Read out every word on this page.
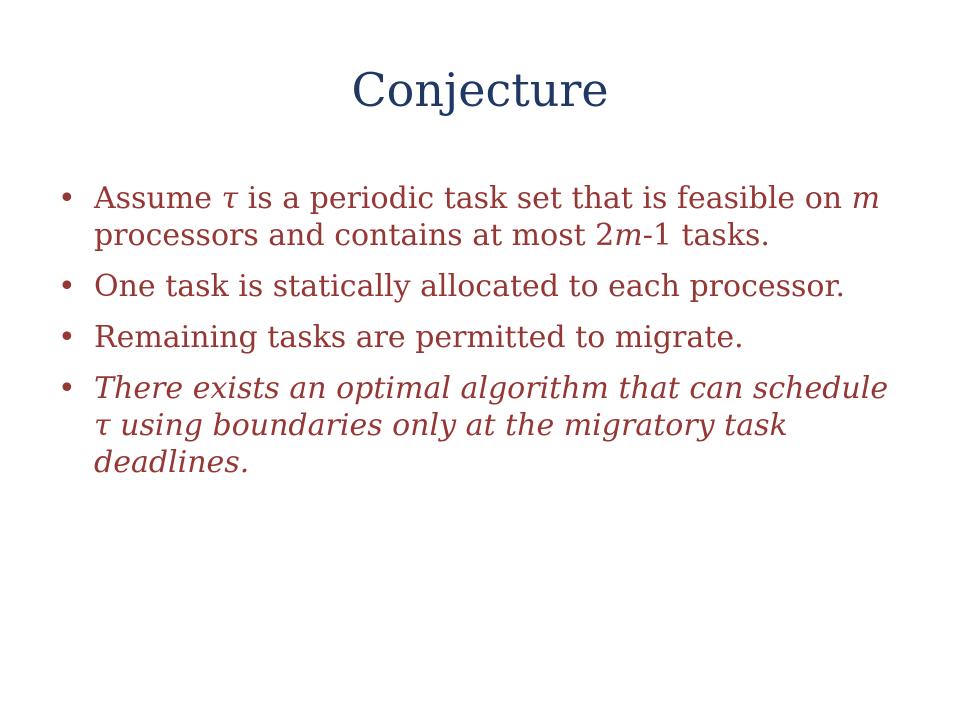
Conjecture
• Assume τ is a periodic task set that is feasible on m processors and contains at most 2m-1 tasks.
• One task is statically allocated to each processor.
• Remaining tasks are permitted to migrate.
• There exists an optimal algorithm that can schedule τ using boundaries only at the migratory task deadlines.
